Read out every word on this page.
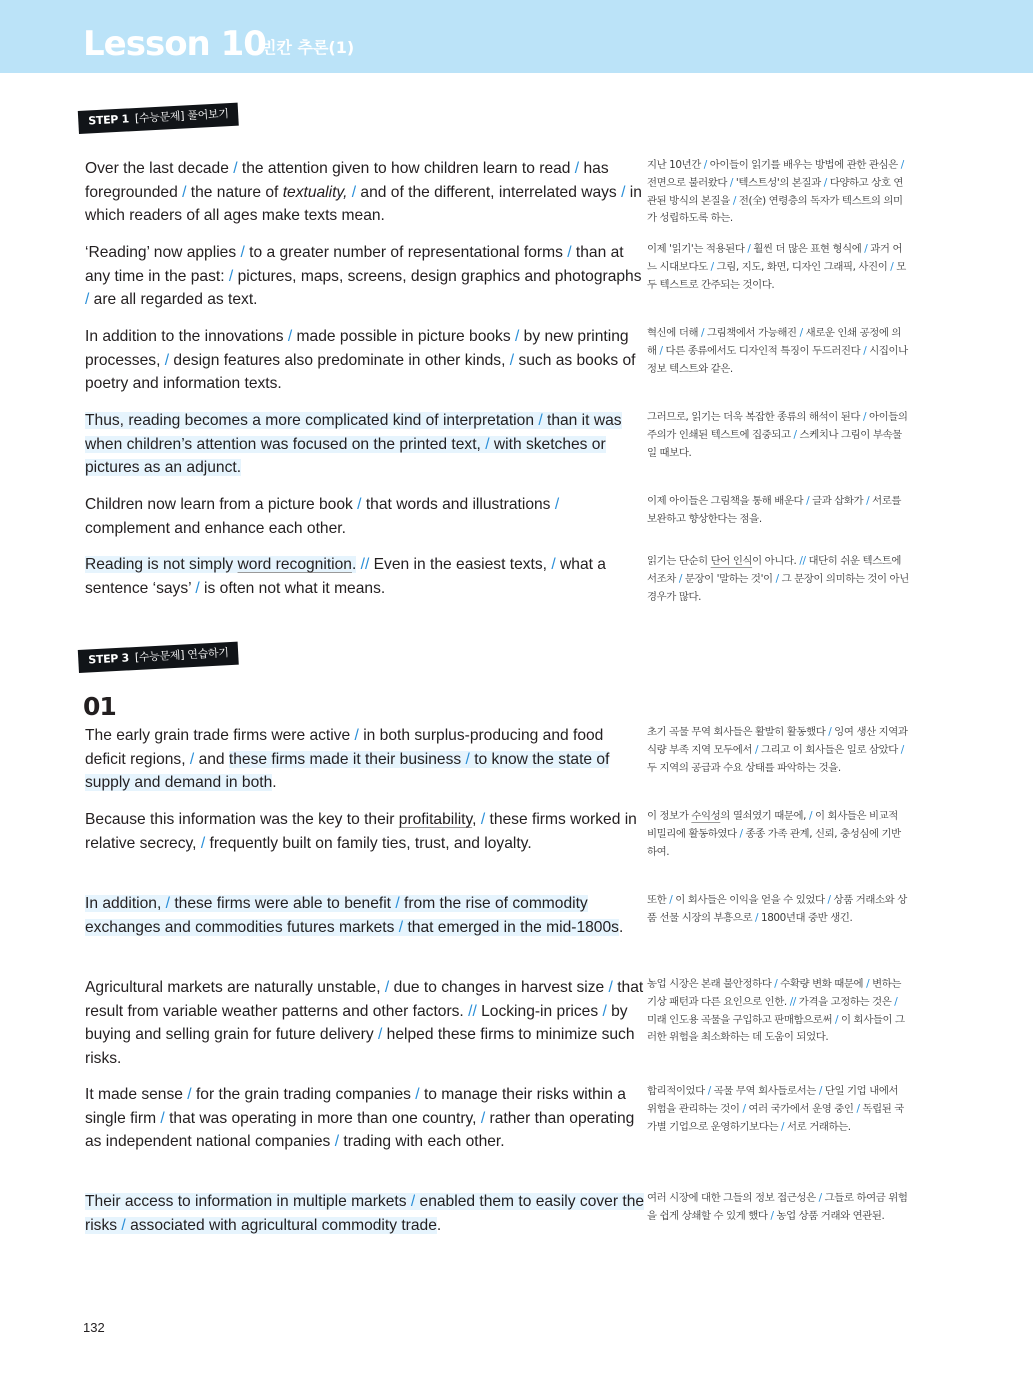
Lesson 10
빈칸 추론(1)
STEP 1 [수능문제] 풀어보기
Over the last decade / the attention given to how children learn to read / has foregrounded / the nature of textuality, / and of the different, interrelated ways / in which readers of all ages make texts mean.
지난 10년간 / 아이들이 읽기를 배우는 방법에 관한 관심은 / 전면으로 불러왔다 / '텍스트성'의 본질과 / 다양하고 상호 연관된 방식의 본질을 / 전(全) 연령층의 독자가 텍스트의 의미가 성립하도록 하는.
‘Reading’ now applies / to a greater number of representational forms / than at any time in the past: / pictures, maps, screens, design graphics and photographs / are all regarded as text.
이제 '읽기'는 적용된다 / 훨씬 더 많은 표현 형식에 / 과거 어느 시대보다도 / 그림, 지도, 화면, 디자인 그래픽, 사진이 / 모두 텍스트로 간주되는 것이다.
In addition to the innovations / made possible in picture books / by new printing processes, / design features also predominate in other kinds, / such as books of poetry and information texts.
혁신에 더해 / 그림책에서 가능해진 / 새로운 인쇄 공정에 의해 / 다른 종류에서도 디자인적 특징이 두드러진다 / 시집이나 정보 텍스트와 같은.
Thus, reading becomes a more complicated kind of interpretation / than it was when children’s attention was focused on the printed text, / with sketches or pictures as an adjunct.
그러므로, 읽기는 더욱 복잡한 종류의 해석이 된다 / 아이들의 주의가 인쇄된 텍스트에 집중되고 / 스케치나 그림이 부속물일 때보다.
Children now learn from a picture book / that words and illustrations / complement and enhance each other.
이제 아이들은 그림책을 통해 배운다 / 글과 삽화가 / 서로를 보완하고 향상한다는 점을.
Reading is not simply word recognition. // Even in the easiest texts, / what a sentence ‘says’ / is often not what it means.
읽기는 단순히 단어 인식이 아니다. // 대단히 쉬운 텍스트에서조차 / 문장이 '말하는 것'이 / 그 문장이 의미하는 것이 아닌 경우가 많다.
STEP 3 [수능문제] 연습하기
01
The early grain trade firms were active / in both surplus-producing and food deficit regions, / and these firms made it their business / to know the state of supply and demand in both.
초기 곡물 무역 회사들은 활발히 활동했다 / 잉여 생산 지역과 식량 부족 지역 모두에서 / 그리고 이 회사들은 일로 삼았다 / 두 지역의 공급과 수요 상태를 파악하는 것을.
Because this information was the key to their profitability, / these firms worked in relative secrecy, / frequently built on family ties, trust, and loyalty.
이 정보가 수익성의 열쇠였기 때문에, / 이 회사들은 비교적 비밀리에 활동하였다 / 종종 가족 관계, 신뢰, 충성심에 기반하여.
In addition, / these firms were able to benefit / from the rise of commodity exchanges and commodities futures markets / that emerged in the mid-1800s.
또한 / 이 회사들은 이익을 얻을 수 있었다 / 상품 거래소와 상품 선물 시장의 부흥으로 / 1800년대 중반 생긴.
Agricultural markets are naturally unstable, / due to changes in harvest size / that result from variable weather patterns and other factors. // Locking-in prices / by buying and selling grain for future delivery / helped these firms to minimize such risks.
농업 시장은 본래 불안정하다 / 수확량 변화 때문에 / 변하는 기상 패턴과 다른 요인으로 인한. // 가격을 고정하는 것은 / 미래 인도용 곡물을 구입하고 판매함으로써 / 이 회사들이 그러한 위험을 최소화하는 데 도움이 되었다.
It made sense / for the grain trading companies / to manage their risks within a single firm / that was operating in more than one country, / rather than operating as independent national companies / trading with each other.
합리적이었다 / 곡물 무역 회사들로서는 / 단일 기업 내에서 위험을 관리하는 것이 / 여러 국가에서 운영 중인 / 독립된 국가별 기업으로 운영하기보다는 / 서로 거래하는.
Their access to information in multiple markets / enabled them to easily cover the risks / associated with agricultural commodity trade.
여러 시장에 대한 그들의 정보 접근성은 / 그들로 하여금 위험을 쉽게 상쇄할 수 있게 했다 / 농업 상품 거래와 연관된.
132
